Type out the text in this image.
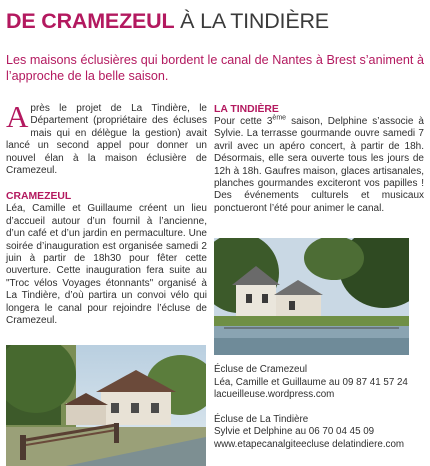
DE CRAMEZEUL À LA TINDIÈRE

Les maisons éclusières qui bordent le canal de Nantes à Brest s’animent à l’approche de la belle saison.

Après le projet de La Tindière, le Département (propriétaire des écluses mais qui en délègue la gestion) avait lancé un second appel pour donner un nouvel élan à la maison éclusière de Cramezeul.

CRAMEZEUL

Léa, Camille et Guillaume créent un lieu d’accueil autour d’un fournil à l’ancienne, d’un café et d’un jardin en permaculture. Une soirée d’inauguration est organisée samedi 2 juin à partir de 18h30 pour fêter cette ouverture. Cette inauguration fera suite au "Troc vélos Voyages étonnants" organisé à La Tindière, d’où partira un convoi vélo qui longera le canal pour rejoindre l’écluse de Cramezeul.

LA TINDIÈRE

Pour cette 3ème saison, Delphine s’associe à Sylvie. La terrasse gourmande ouvre samedi 7 avril avec un apéro concert, à partir de 18h. Désormais, elle sera ouverte tous les jours de 12h à 18h. Gaufres maison, glaces artisanales, planches gourmandes exciteront vos papilles ! Des événements culturels et musicaux ponctueront l’été pour animer le canal.

Écluse de Cramezeul
Léa, Camille et Guillaume au 09 87 41 57 24
lacueilleuse.wordpress.com
Écluse de La Tindière
Sylvie et Delphine au 06 70 04 45 09
www.etapecanalgiteecluse delatindiere.com
